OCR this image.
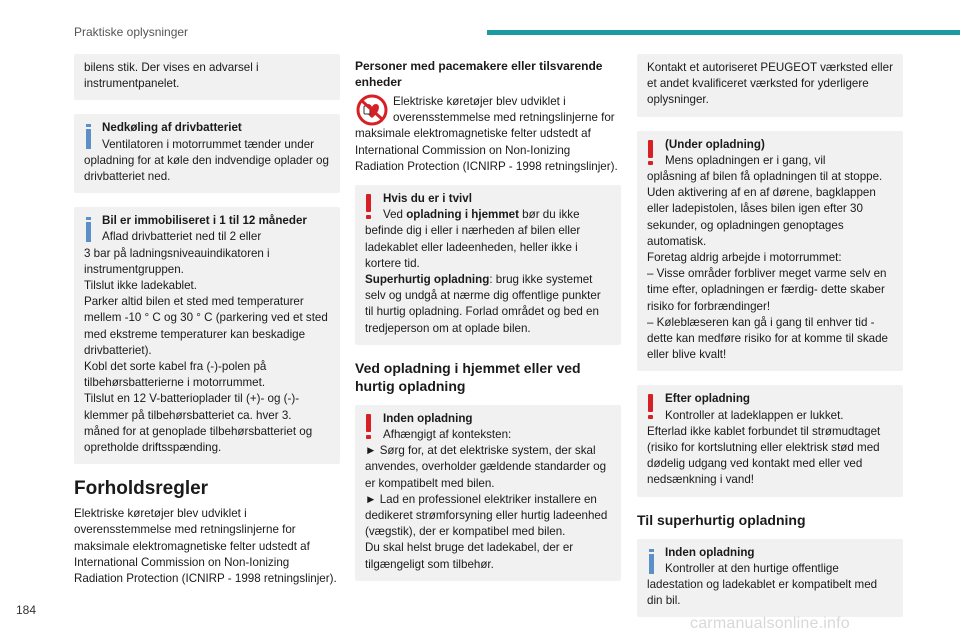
Praktiske oplysninger
bilens stik. Der vises en advarsel i instrumentpanelet.
Nedkøling af drivbatteriet
Ventilatoren i motorrummet tænder under
opladning for at køle den indvendige oplader og drivbatteriet ned.
Bil er immobiliseret i 1 til 12 måneder
Aflad drivbatteriet ned til 2 eller
3 bar på ladningsniveauindikatoren i instrumentgruppen.
Tilslut ikke ladekablet.
Parker altid bilen et sted med temperaturer mellem -10 ° C og 30 ° C (parkering ved et sted med ekstreme temperaturer kan beskadige drivbatteriet).
Kobl det sorte kabel fra (-)-polen på tilbehørsbatterierne i motorrummet.
Tilslut en 12 V-batterioplader til (+)- og (-)-klemmer på tilbehørsbatteriet ca. hver 3. måned for at genoplade tilbehørsbatteriet og opretholde driftsspænding.
Forholdsregler
Elektriske køretøjer blev udviklet i overensstemmelse med retningslinjerne for maksimale elektromagnetiske felter udstedt af International Commission on Non-Ionizing Radiation Protection (ICNIRP - 1998 retningslinjer).
Personer med pacemakere eller tilsvarende enheder
Elektriske køretøjer blev udviklet i overensstemmelse med retningslinjerne for maksimale elektromagnetiske felter udstedt af International Commission on Non-Ionizing Radiation Protection (ICNIRP - 1998 retningslinjer).
Hvis du er i tvivl
Ved opladning i hjemmet bør du ikke
befinde dig i eller i nærheden af bilen eller ladekablet eller ladeenheden, heller ikke i kortere tid.
Superhurtig opladning: brug ikke systemet selv og undgå at nærme dig offentlige punkter til hurtig opladning. Forlad området og bed en tredjeperson om at oplade bilen.
Ved opladning i hjemmet eller ved hurtig opladning
Inden opladning
Afhængigt af konteksten:
► Sørg for, at det elektriske system, der skal anvendes, overholder gældende standarder og er kompatibelt med bilen.
► Lad en professionel elektriker installere en dedikeret strømforsyning eller hurtig ladeenhed (vægstik), der er kompatibel med bilen.
Du skal helst bruge det ladekabel, der er tilgængeligt som tilbehør.
Kontakt et autoriseret PEUGEOT værksted eller et andet kvalificeret værksted for yderligere oplysninger.
(Under opladning)
Mens opladningen er i gang, vil
oplåsning af bilen få opladningen til at stoppe. Uden aktivering af en af dørene, bagklappen eller ladepistolen, låses bilen igen efter 30 sekunder, og opladningen genoptages automatisk.
Foretag aldrig arbejde i motorrummet:
– Visse områder forbliver meget varme selv en time efter, opladningen er færdig- dette skaber risiko for forbrændinger!
– Køleblæseren kan gå i gang til enhver tid - dette kan medføre risiko for at komme til skade eller blive kvalt!
Efter opladning
Kontroller at ladeklappen er lukket.
Efterlad ikke kablet forbundet til strømudtaget (risiko for kortslutning eller elektrisk stød med dødelig udgang ved kontakt med eller ved nedsænkning i vand!
Til superhurtig opladning
Inden opladning
Kontroller at den hurtige offentlige
ladestation og ladekablet er kompatibelt med din bil.
184
carmanualsonline.info
